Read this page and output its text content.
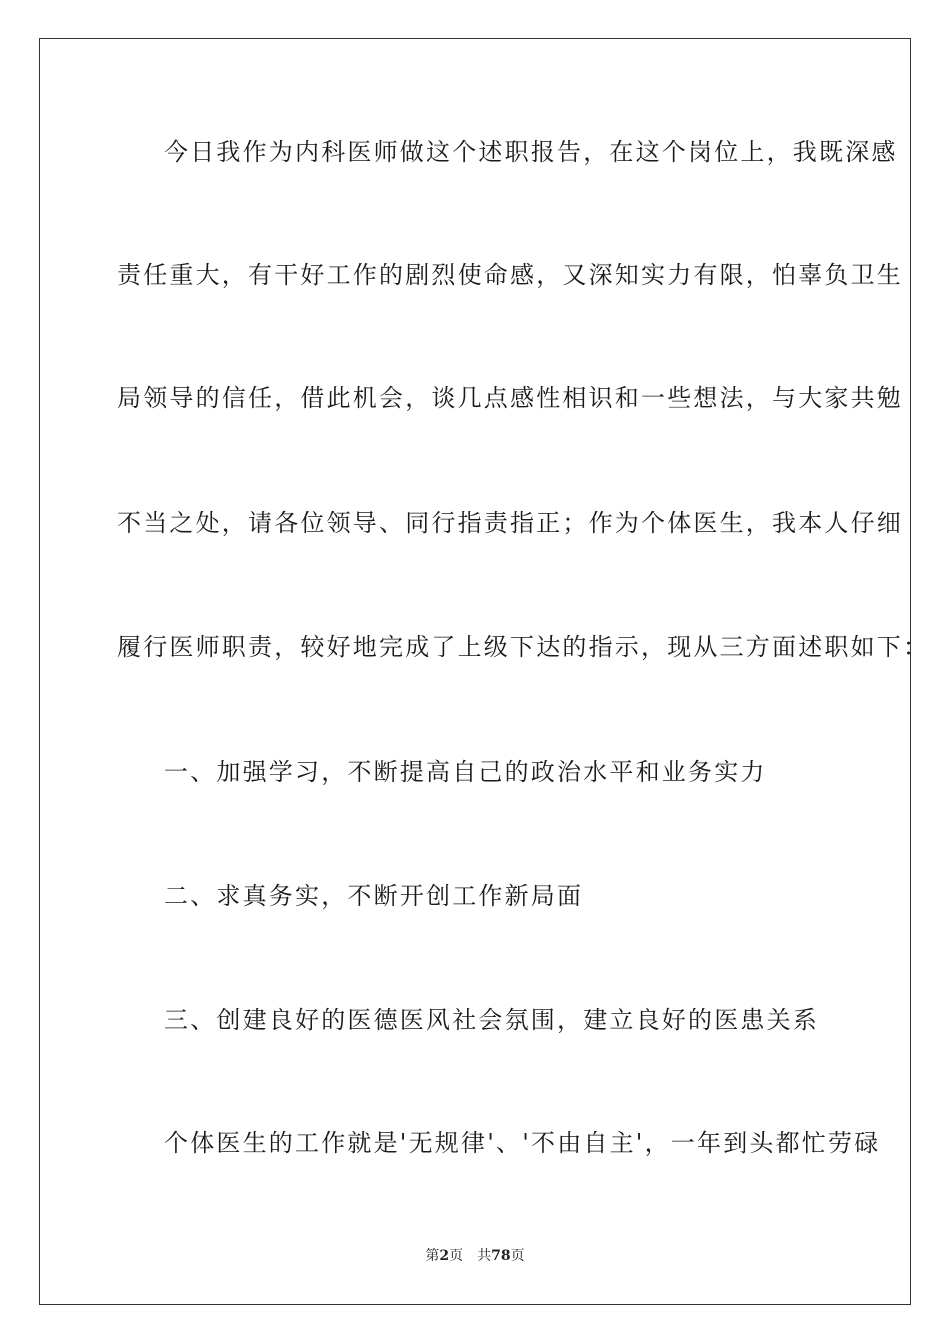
今日我作为内科医师做这个述职报告，在这个岗位上，我既深感
责任重大，有干好工作的剧烈使命感，又深知实力有限，怕辜负卫生
局领导的信任，借此机会，谈几点感性相识和一些想法，与大家共勉
不当之处，请各位领导、同行指责指正；作为个体医生，我本人仔细
履行医师职责，较好地完成了上级下达的指示，现从三方面述职如下：
一、加强学习，不断提高自己的政治水平和业务实力
二、求真务实，不断开创工作新局面
三、创建良好的医德医风社会氛围，建立良好的医患关系
个体医生的工作就是'无规律'、'不由自主'，一年到头都忙劳碌
第2页 共78页
